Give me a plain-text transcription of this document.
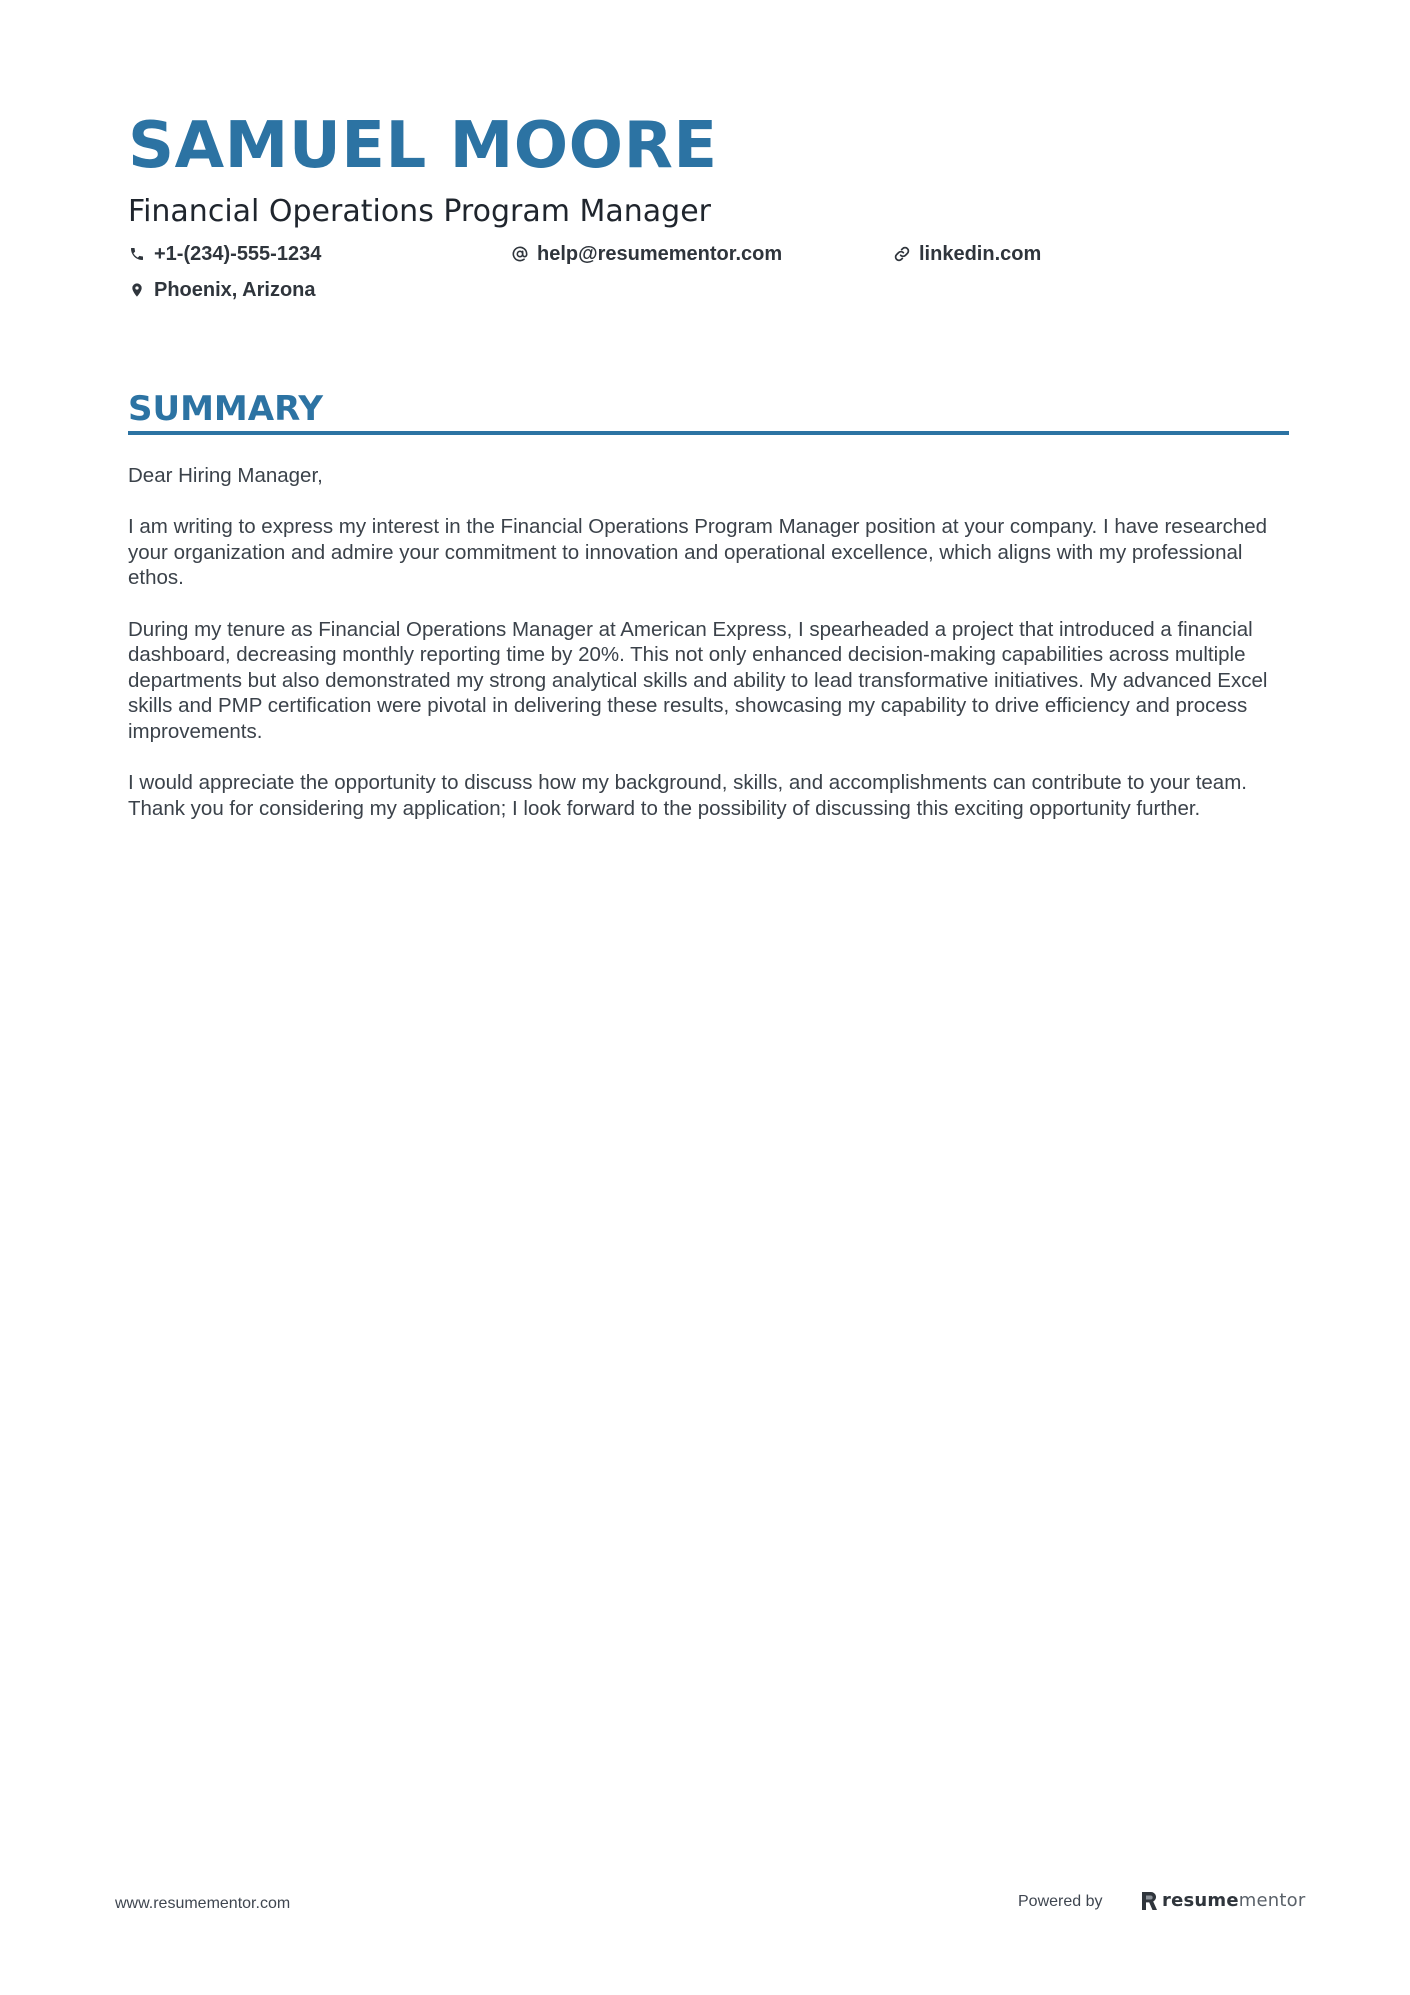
SAMUEL MOORE
Financial Operations Program Manager
+1-(234)-555-1234	help@resumementor.com	linkedin.com
Phoenix, Arizona
SUMMARY

Dear Hiring Manager,

I am writing to express my interest in the Financial Operations Program Manager position at your company. I have researched your organization and admire your commitment to innovation and operational excellence, which aligns with my professional ethos.

During my tenure as Financial Operations Manager at American Express, I spearheaded a project that introduced a financial dashboard, decreasing monthly reporting time by 20%. This not only enhanced decision-making capabilities across multiple departments but also demonstrated my strong analytical skills and ability to lead transformative initiatives. My advanced Excel skills and PMP certification were pivotal in delivering these results, showcasing my capability to drive efficiency and process improvements.

I would appreciate the opportunity to discuss how my background, skills, and accomplishments can contribute to your team. Thank you for considering my application; I look forward to the possibility of discussing this exciting opportunity further.

www.resumementor.com	Powered by	resume mentor
